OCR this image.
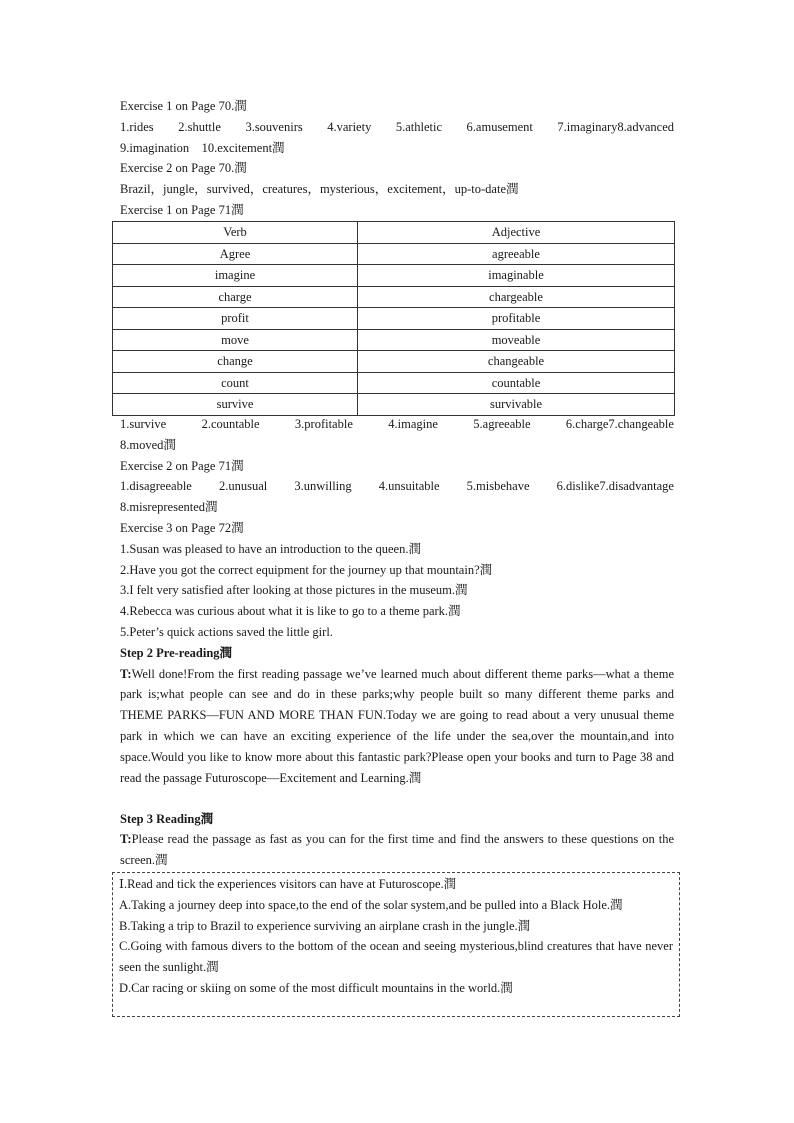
Exercise 1 on Page 70.潤
1.rides 2.shuttle 3.souvenirs 4.variety 5.athletic 6.amusement 7.imaginary8.advanced
9.imagination    10.excitement潤
Exercise 2 on Page 70.潤
Brazil，jungle，survived，creatures，mysterious，excitement，up-to-date潤
Exercise 1 on Page 71潤
Verb	Adjective
Agree	agreeable
imagine	imaginable
charge	chargeable
profit	profitable
move	moveable
change	changeable
count	countable
survive	survivable
1.survive	2.countable	3.profitable	4.imagine	5.agreeable	6.charge7.changeable
8.moved潤
Exercise 2 on Page 71潤
1.disagreeable 2.unusual 3.unwilling 4.unsuitable 5.misbehave 6.dislike7.disadvantage
8.misrepresented潤
Exercise 3 on Page 72潤
1.Susan was pleased to have an introduction to the queen.潤
2.Have you got the correct equipment for the journey up that mountain?潤
3.I felt very satisfied after looking at those pictures in the museum.潤
4.Rebecca was curious about what it is like to go to a theme park.潤
5.Peter’s quick actions saved the little girl.
Step 2 Pre-reading潤
T:Well done!From the first reading passage we’ve learned much about different theme parks—what a theme park is;what people can see and do in these parks;why people built so many different theme parks and THEME PARKS—FUN AND MORE THAN FUN.Today we are going to read about a very unusual theme park in which we can have an exciting experience of the life under the sea,over the mountain,and into space.Would you like to know more about this fantastic park?Please open your books and turn to Page 38 and read the passage Futuroscope—Excitement and Learning.潤
Step 3 Reading潤
T:Please read the passage as fast as you can for the first time and find the answers to these questions on the screen.潤
Ⅰ.Read and tick the experiences visitors can have at Futuroscope.潤
A.Taking a journey deep into space,to the end of the solar system,and be pulled into a Black Hole.潤
B.Taking a trip to Brazil to experience surviving an airplane crash in the jungle.潤
C.Going with famous divers to the bottom of the ocean and seeing mysterious,blind creatures that have never seen the sunlight.潤
D.Car racing or skiing on some of the most difficult mountains in the world.潤
